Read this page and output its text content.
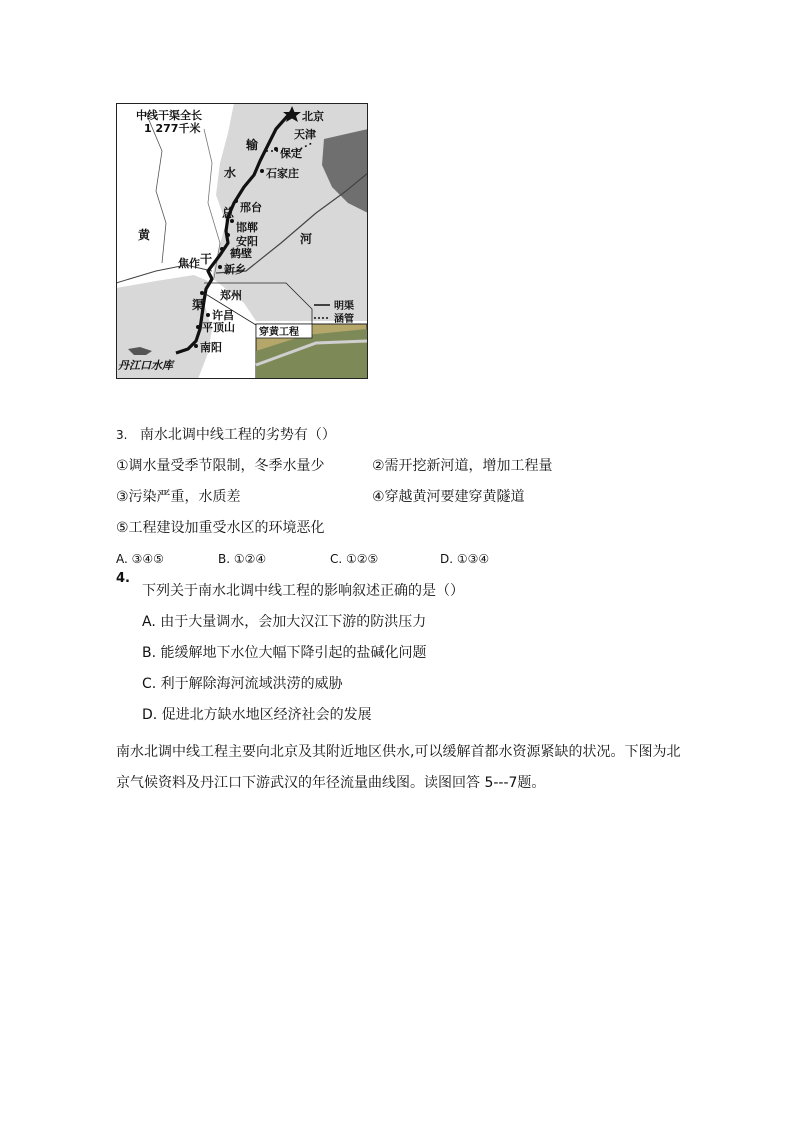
穿黄工程
明渠
涵管
中线干渠全长
1 277千米
北京
天津
保定
石家庄
邢台
邯郸
安阳
鹤壁
新乡
焦作
郑州
许昌
平顶山
南阳
丹江口水库
输
水
总
干
渠
黄	河
3. 南水北调中线工程的劣势有（）
①调水量受季节限制，冬季水量少	②需开挖新河道，增加工程量
③污染严重，水质差	④穿越黄河要建穿黄隧道
⑤工程建设加重受水区的环境恶化
A. ③④⑤	B. ①②④	C. ①②⑤	D. ①③④
4.
下列关于南水北调中线工程的影响叙述正确的是（）
A. 由于大量调水，会加大汉江下游的防洪压力
B. 能缓解地下水位大幅下降引起的盐碱化问题
C. 利于解除海河流域洪涝的威胁
D. 促进北方缺水地区经济社会的发展
南水北调中线工程主要向北京及其附近地区供水,可以缓解首都水资源紧缺的状况。下图为北京气候资料及丹江口下游武汉的年径流量曲线图。读图回答 5---7题。
